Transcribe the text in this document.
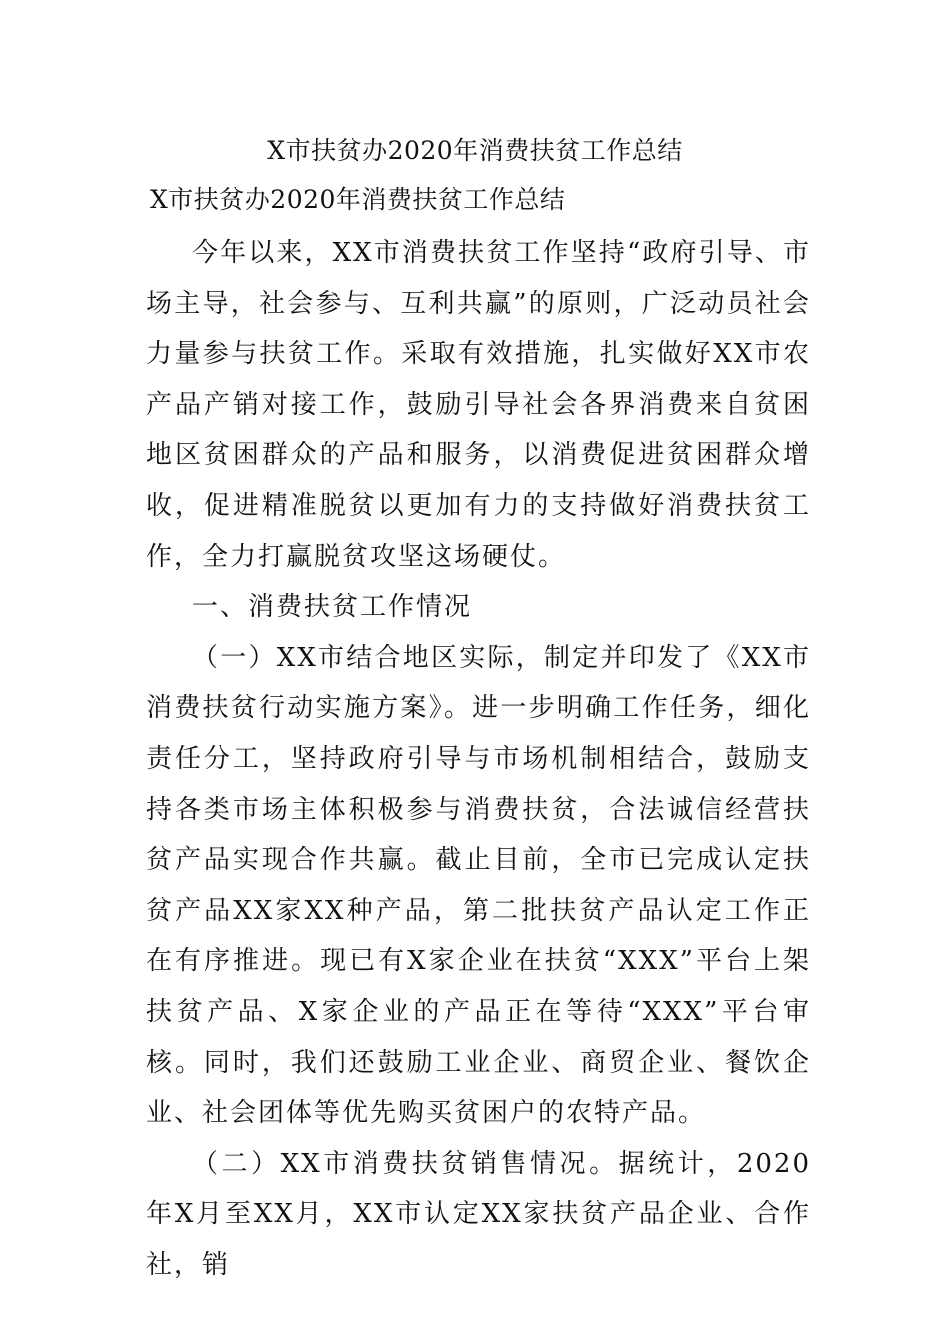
X市扶贫办2020年消费扶贫工作总结
X市扶贫办2020年消费扶贫工作总结

今年以来，XX市消费扶贫工作坚持“政府引导、市场主导，社会参与、互利共赢”的原则，广泛动员社会力量参与扶贫工作。采取有效措施，扎实做好XX市农产品产销对接工作，鼓励引导社会各界消费来自贫困地区贫困群众的产品和服务，以消费促进贫困群众增收，促进精准脱贫以更加有力的支持做好消费扶贫工作，全力打赢脱贫攻坚这场硬仗。

一、消费扶贫工作情况

（一）XX市结合地区实际，制定并印发了《XX市消费扶贫行动实施方案》。进一步明确工作任务，细化责任分工，坚持政府引导与市场机制相结合，鼓励支持各类市场主体积极参与消费扶贫，合法诚信经营扶贫产品实现合作共赢。截止目前，全市已完成认定扶贫产品XX家XX种产品，第二批扶贫产品认定工作正在有序推进。现已有X家企业在扶贫“XXX”平台上架扶贫产品、X家企业的产品正在等待“XXX”平台审核。同时，我们还鼓励工业企业、商贸企业、餐饮企业、社会团体等优先购买贫困户的农特产品。

（二）XX市消费扶贫销售情况。据统计，2020年X月至XX月，XX市认定XX家扶贫产品企业、合作社，销
